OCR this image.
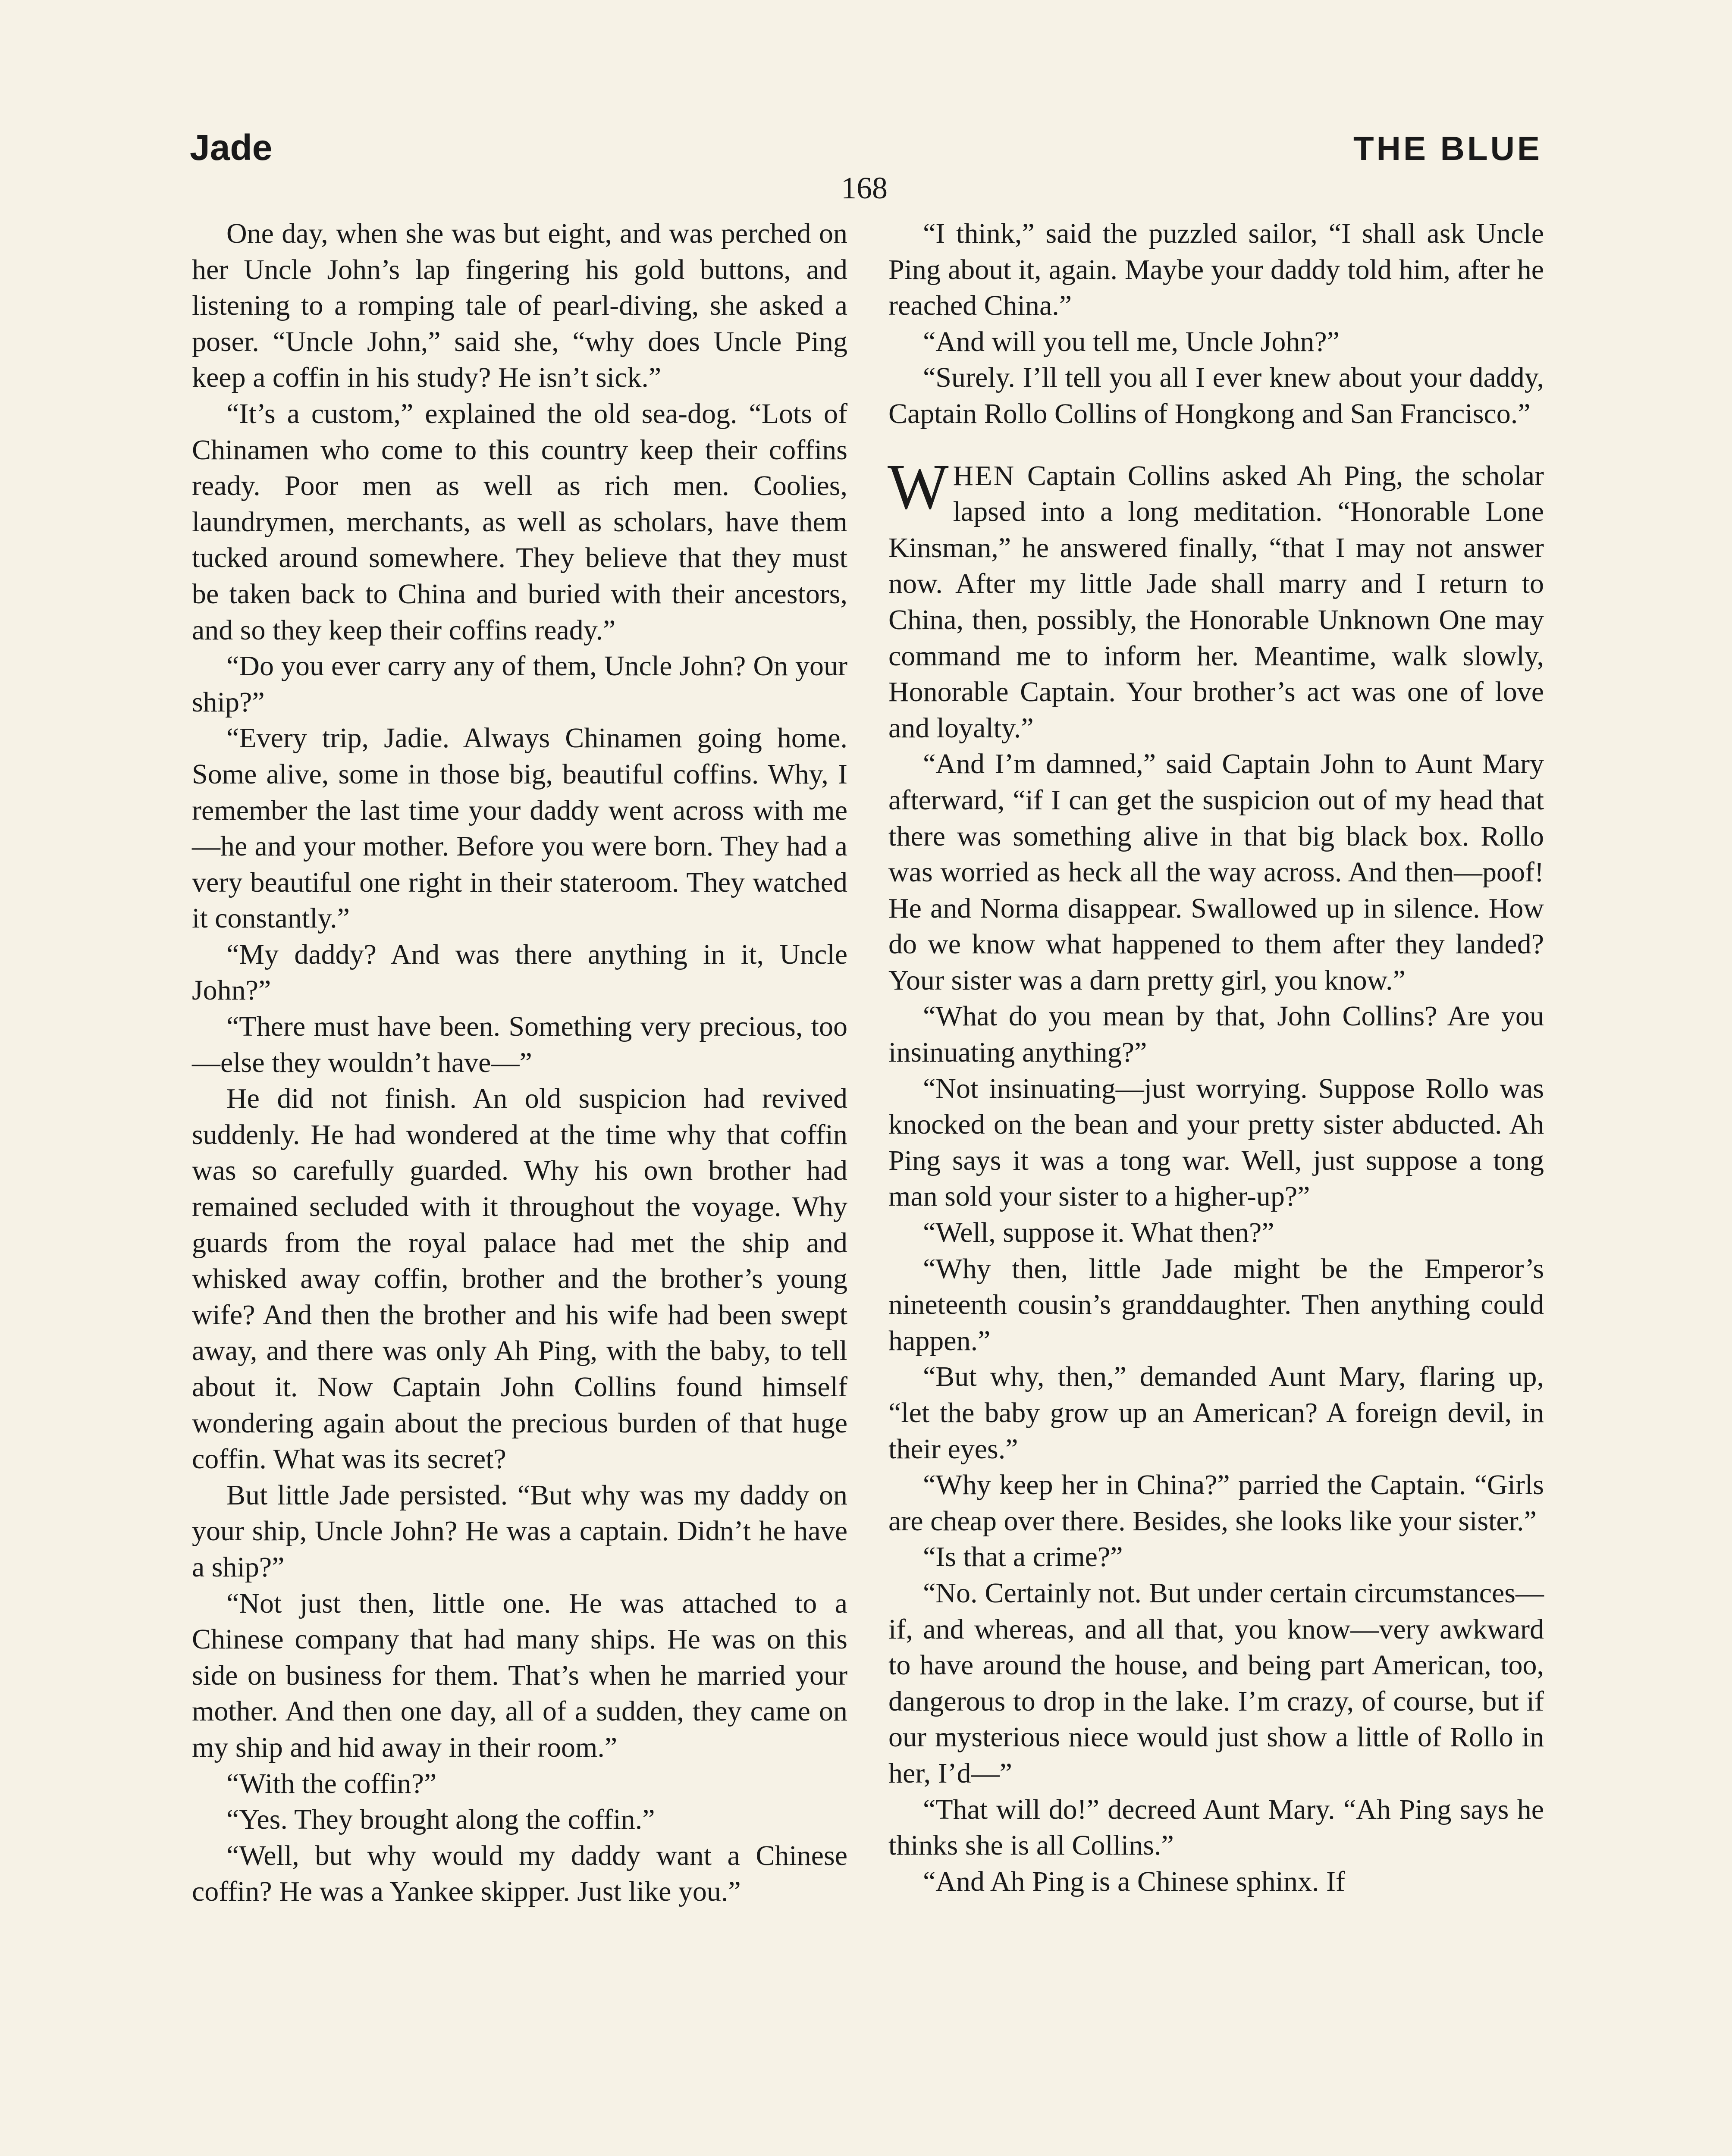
Jade	THE BLUE
168

One day, when she was but eight, and was perched on her Uncle John’s lap fingering his gold buttons, and listening to a romping tale of pearl-diving, she asked a poser. “Uncle John,” said she, “why does Uncle Ping keep a coffin in his study? He isn’t sick.”

“It’s a custom,” explained the old sea-dog. “Lots of Chinamen who come to this country keep their coffins ready. Poor men as well as rich men. Coolies, laundrymen, merchants, as well as scholars, have them tucked around somewhere. They believe that they must be taken back to China and buried with their ancestors, and so they keep their coffins ready.”

“Do you ever carry any of them, Uncle John? On your ship?”

“Every trip, Jadie. Always Chinamen going home. Some alive, some in those big, beautiful coffins. Why, I remember the last time your daddy went across with me—he and your mother. Before you were born. They had a very beautiful one right in their stateroom. They watched it constantly.”

“My daddy? And was there anything in it, Uncle John?”

“There must have been. Something very precious, too—else they wouldn’t have—”

He did not finish. An old suspicion had revived suddenly. He had wondered at the time why that coffin was so carefully guarded. Why his own brother had remained secluded with it throughout the voyage. Why guards from the royal palace had met the ship and whisked away coffin, brother and the brother’s young wife? And then the brother and his wife had been swept away, and there was only Ah Ping, with the baby, to tell about it. Now Captain John Collins found himself wondering again about the precious burden of that huge coffin. What was its secret?

But little Jade persisted. “But why was my daddy on your ship, Uncle John? He was a captain. Didn’t he have a ship?”

“Not just then, little one. He was attached to a Chinese company that had many ships. He was on this side on business for them. That’s when he married your mother. And then one day, all of a sudden, they came on my ship and hid away in their room.”

“With the coffin?”

“Yes. They brought along the coffin.”

“Well, but why would my daddy want a Chinese coffin? He was a Yankee skipper. Just like you.”

“I think,” said the puzzled sailor, “I shall ask Uncle Ping about it, again. Maybe your daddy told him, after he reached China.”

“And will you tell me, Uncle John?”

“Surely. I’ll tell you all I ever knew about your daddy, Captain Rollo Collins of Hongkong and San Francisco.”

WHEN Captain Collins asked Ah Ping, the scholar lapsed into a long meditation. “Honorable Lone Kinsman,” he answered finally, “that I may not answer now. After my little Jade shall marry and I return to China, then, possibly, the Honorable Unknown One may command me to inform her. Meantime, walk slowly, Honorable Captain. Your brother’s act was one of love and loyalty.”

“And I’m damned,” said Captain John to Aunt Mary afterward, “if I can get the suspicion out of my head that there was something alive in that big black box. Rollo was worried as heck all the way across. And then—poof! He and Norma disappear. Swallowed up in silence. How do we know what happened to them after they landed? Your sister was a darn pretty girl, you know.”

“What do you mean by that, John Collins? Are you insinuating anything?”

“Not insinuating—just worrying. Suppose Rollo was knocked on the bean and your pretty sister abducted. Ah Ping says it was a tong war. Well, just suppose a tong man sold your sister to a higher-up?”

“Well, suppose it. What then?”

“Why then, little Jade might be the Emperor’s nineteenth cousin’s granddaughter. Then anything could happen.”

“But why, then,” demanded Aunt Mary, flaring up, “let the baby grow up an American? A foreign devil, in their eyes.”

“Why keep her in China?” parried the Captain. “Girls are cheap over there. Besides, she looks like your sister.”

“Is that a crime?”

“No. Certainly not. But under certain circumstances—if, and whereas, and all that, you know—very awkward to have around the house, and being part American, too, dangerous to drop in the lake. I’m crazy, of course, but if our mysterious niece would just show a little of Rollo in her, I’d—”

“That will do!” decreed Aunt Mary. “Ah Ping says he thinks she is all Collins.”

“And Ah Ping is a Chinese sphinx. If
